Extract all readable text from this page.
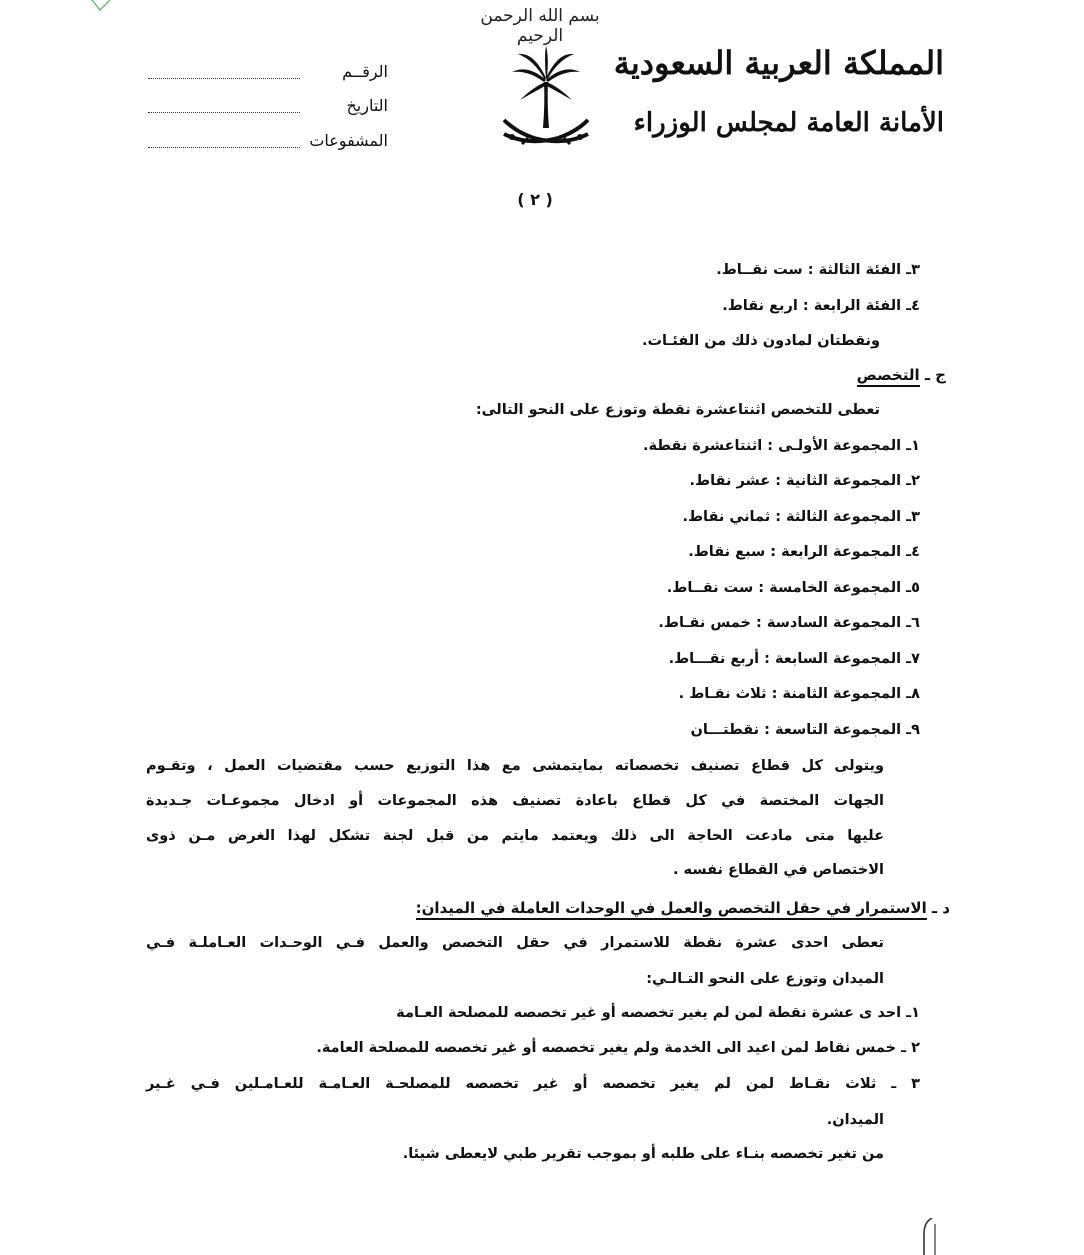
بسم الله الرحمن الرحيم
المملكة العربية السعودية
الأمانة العامة لمجلس الوزراء
الرقــم
التاريخ
المشفوعات
( ٢ )
٣ـ الفئة الثالثة : ست نقــاط.
٤ـ الفئة الرابعة : اربع نقاط.
ونقطتان لمادون ذلك من الفئـات.
ج ـ التخصص
تعطى للتخصص اثنتاعشرة نقطة وتوزع على النحو التالى:
١ـ المجموعة الأولـى : اثنتاعشرة نقطة.
٢ـ المجموعة الثانية : عشر نقاط.
٣ـ المجموعة الثالثة : ثماني نقاط.
٤ـ المجموعة الرابعة : سبع نقاط.
٥ـ المجموعة الخامسة : ست نقــاط.
٦ـ المجموعة السادسة : خمس نقـاط.
٧ـ المجموعة السابعة : أربع نقـــاط.
٨ـ المجموعة الثامنة : ثلاث نقـاط .
٩ـ المجموعة التاسعة : نقطتـــان
ويتولى كل قطاع تصنيف تخصصاته بمايتمشى مع هذا التوزيع حسب مقتضيات العمل ، وتقـوم
الجهات المختصة في كل قطاع باعادة تصنيف هذه المجموعات أو ادخال مجموعـات جـديدة
عليها متى مادعت الحاجة الى ذلك ويعتمد مايتم من قبل لجنة تشكل لهذا الغرض مـن ذوى
الاختصاص في القطاع نفسه .
د ـ الاستمرار في حقل التخصص والعمل في الوحدات العاملة في الميدان:
تعطى احدى عشرة نقطة للاستمرار في حقل التخصص والعمل فـي الوحـدات العـاملـة فـي
الميدان وتوزع على النحو التـالـي:
١ـ احد ى عشرة نقطة لمن لم يغير تخصصه أو غير تخصصه للمصلحة العـامة
٢ ـ خمس نقاط لمن اعيد الى الخدمة ولم يغير تخصصه أو غير تخصصه للمصلحة العامة.
٣ ـ ثلاث نقـاط لمن لم يغير تخصصه أو غير تخصصه للمصلحـة العـامـة للعـامـلين فـي غـير
الميدان.
من تغير تخصصه بنـاء على طلبه أو بموجب تقرير طبي لايعطى شيئا.
